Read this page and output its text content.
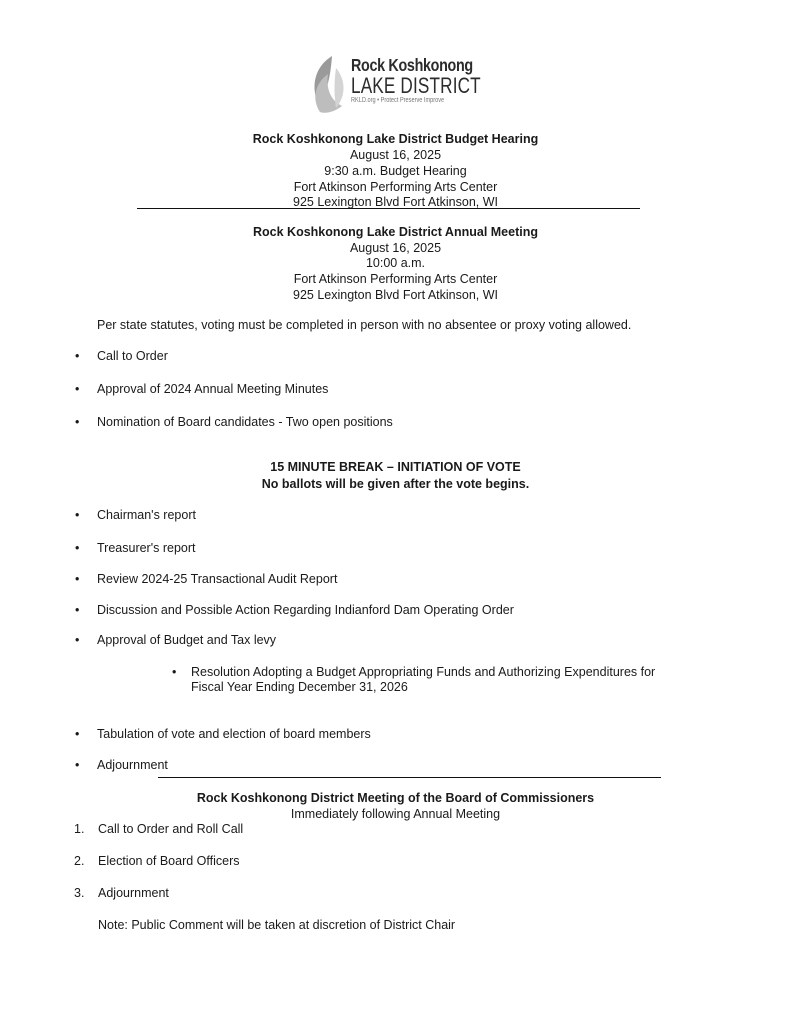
Rock Koshkonong
LAKE DISTRICT
RKLD.org • Protect Preserve Improve
Rock Koshkonong Lake District Budget Hearing
August 16, 2025
9:30 a.m. Budget Hearing
Fort Atkinson Performing Arts Center
925 Lexington Blvd Fort Atkinson, WI
Rock Koshkonong Lake District Annual Meeting
August 16, 2025
10:00 a.m.
Fort Atkinson Performing Arts Center
925 Lexington Blvd Fort Atkinson, WI
Per state statutes, voting must be completed in person with no absentee or proxy voting allowed.
•	Call to Order
•	Approval of 2024 Annual Meeting Minutes
•	Nomination of Board candidates - Two open positions
15 MINUTE BREAK – INITIATION OF VOTE
No ballots will be given after the vote begins.
•	Chairman's report
•	Treasurer's report
•	Review 2024-25 Transactional Audit Report
•	Discussion and Possible Action Regarding Indianford Dam Operating Order
•	Approval of Budget and Tax levy
• Resolution Adopting a Budget Appropriating Funds and Authorizing Expenditures for Fiscal Year Ending December 31, 2026
•	Tabulation of vote and election of board members
•	Adjournment
Rock Koshkonong District Meeting of the Board of Commissioners
Immediately following Annual Meeting
1.	Call to Order and Roll Call
2.	Election of Board Officers
3.	Adjournment
Note: Public Comment will be taken at discretion of District Chair
